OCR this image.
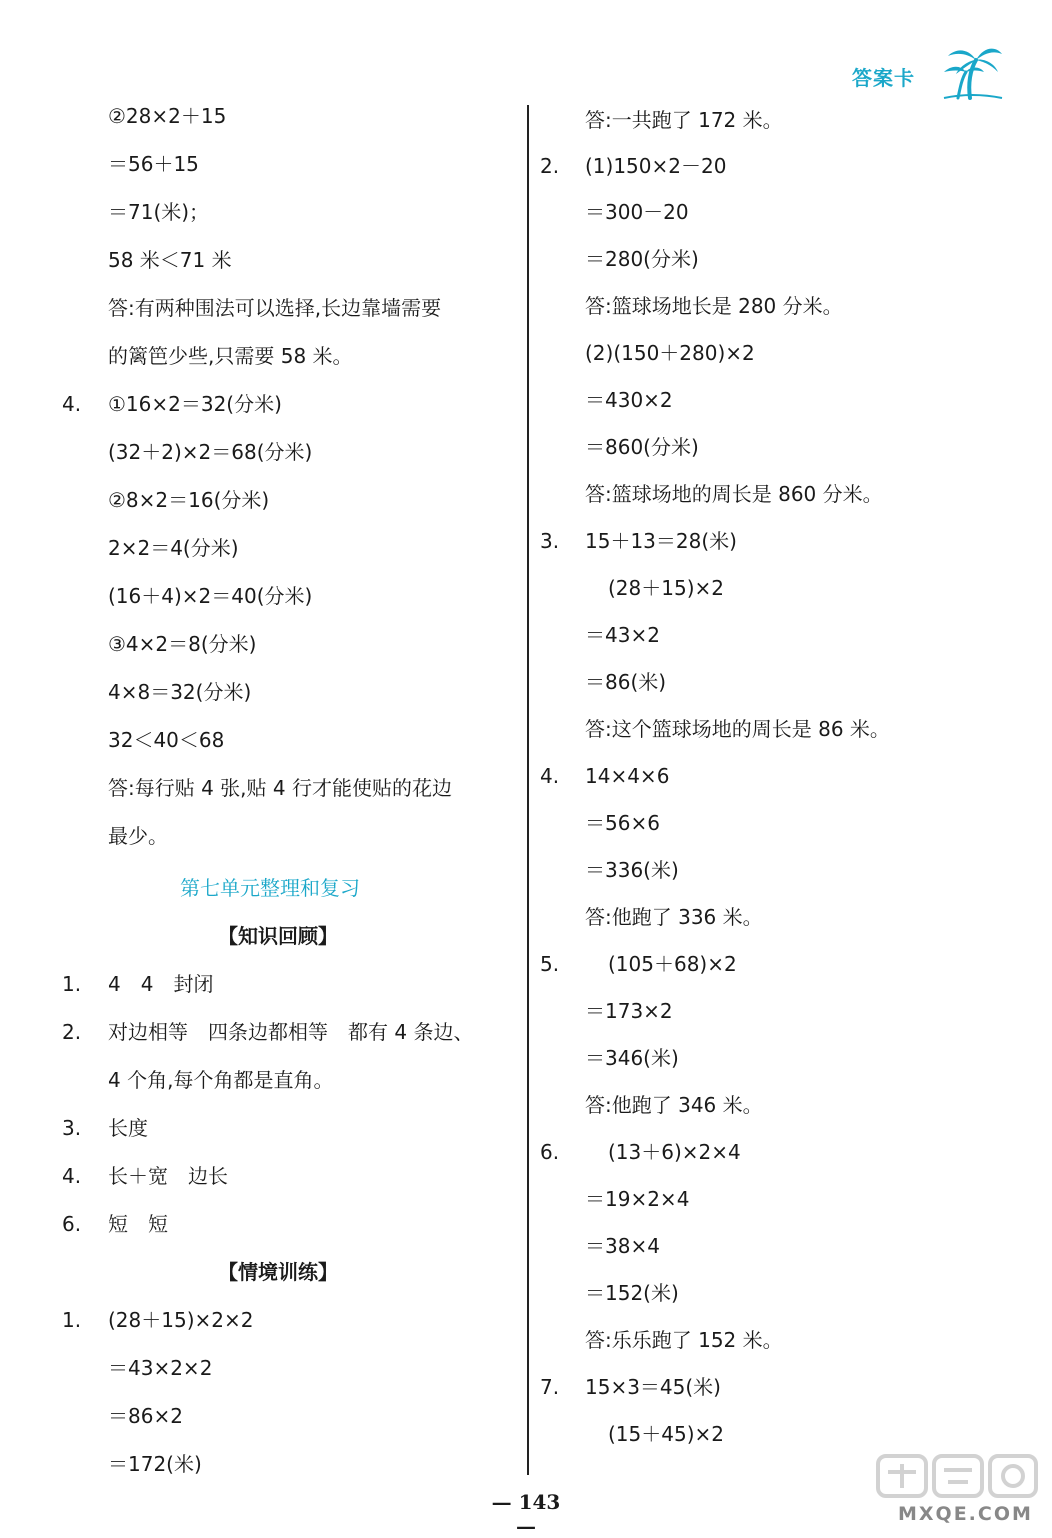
答案卡
②28×2＋15
＝56＋15
＝71(米)；
58 米＜71 米
答:有两种围法可以选择,长边靠墙需要
的篱笆少些,只需要 58 米。
4. ①16×2＝32(分米)
(32＋2)×2＝68(分米)
②8×2＝16(分米)
2×2＝4(分米)
(16＋4)×2＝40(分米)
③4×2＝8(分米)
4×8＝32(分米)
32＜40＜68
答:每行贴 4 张,贴 4 行才能使贴的花边
最少。
第七单元整理和复习
【知识回顾】
1. 4　4　封闭
2. 对边相等　四条边都相等　都有 4 条边、
4 个角,每个角都是直角。
3. 长度
4. 长＋宽　边长
6. 短　短
【情境训练】
1. (28＋15)×2×2
＝43×2×2
＝86×2
＝172(米)
答:一共跑了 172 米。
2. (1)150×2－20
＝300－20
＝280(分米)
答:篮球场地长是 280 分米。
(2)(150＋280)×2
＝430×2
＝860(分米)
答:篮球场地的周长是 860 分米。
3. 15＋13＝28(米)
(28＋15)×2
＝43×2
＝86(米)
答:这个篮球场地的周长是 86 米。
4. 14×4×6
＝56×6
＝336(米)
答:他跑了 336 米。
5. (105＋68)×2
＝173×2
＝346(米)
答:他跑了 346 米。
6. (13＋6)×2×4
＝19×2×4
＝38×4
＝152(米)
答:乐乐跑了 152 米。
7. 15×3＝45(米)
(15＋45)×2
— 143 —	MXQE.COM
